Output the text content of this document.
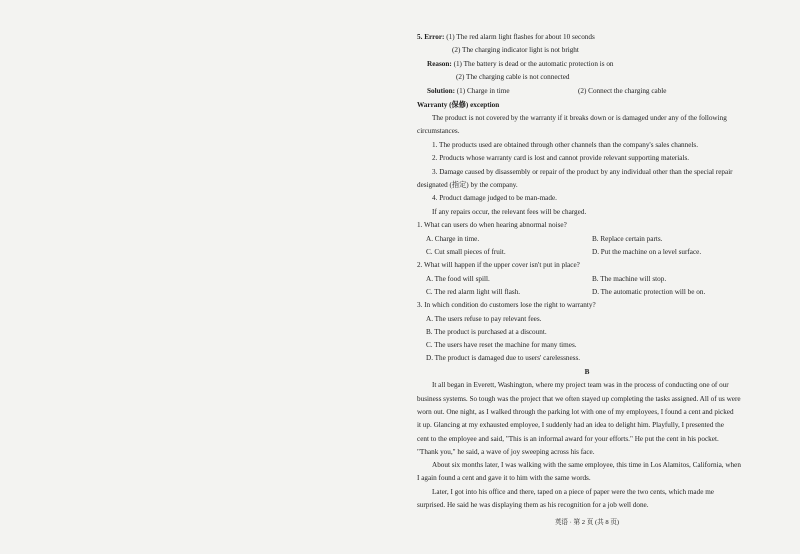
5. Error: (1) The red alarm light flashes for about 10 seconds
(2) The charging indicator light is not bright
Reason: (1) The battery is dead or the automatic protection is on
(2) The charging cable is not connected
Solution: (1) Charge in time	(2) Connect the charging cable
Warranty (保修) exception
The product is not covered by the warranty if it breaks down or is damaged under any of the following
circumstances.
1. The products used are obtained through other channels than the company's sales channels.
2. Products whose warranty card is lost and cannot provide relevant supporting materials.
3. Damage caused by disassembly or repair of the product by any individual other than the special repair
designated (指定) by the company.
4. Product damage judged to be man-made.
If any repairs occur, the relevant fees will be charged.
1. What can users do when hearing abnormal noise?
A. Charge in time.	B. Replace certain parts.
C. Cut small pieces of fruit.	D. Put the machine on a level surface.
2. What will happen if the upper cover isn't put in place?
A. The food will spill.	B. The machine will stop.
C. The red alarm light will flash.	D. The automatic protection will be on.
3. In which condition do customers lose the right to warranty?
A. The users refuse to pay relevant fees.
B. The product is purchased at a discount.
C. The users have reset the machine for many times.
D. The product is damaged due to users' carelessness.
B
It all began in Everett, Washington, where my project team was in the process of conducting one of our
business systems. So tough was the project that we often stayed up completing the tasks assigned. All of us were
worn out. One night, as I walked through the parking lot with one of my employees, I found a cent and picked
it up. Glancing at my exhausted employee, I suddenly had an idea to delight him. Playfully, I presented the
cent to the employee and said, "This is an informal award for your efforts." He put the cent in his pocket.
"Thank you," he said, a wave of joy sweeping across his face.
About six months later, I was walking with the same employee, this time in Los Alamitos, California, when
I again found a cent and gave it to him with the same words.
Later, I got into his office and there, taped on a piece of paper were the two cents, which made me
surprised. He said he was displaying them as his recognition for a job well done.
英语 · 第 2 页 (共 8 页)
